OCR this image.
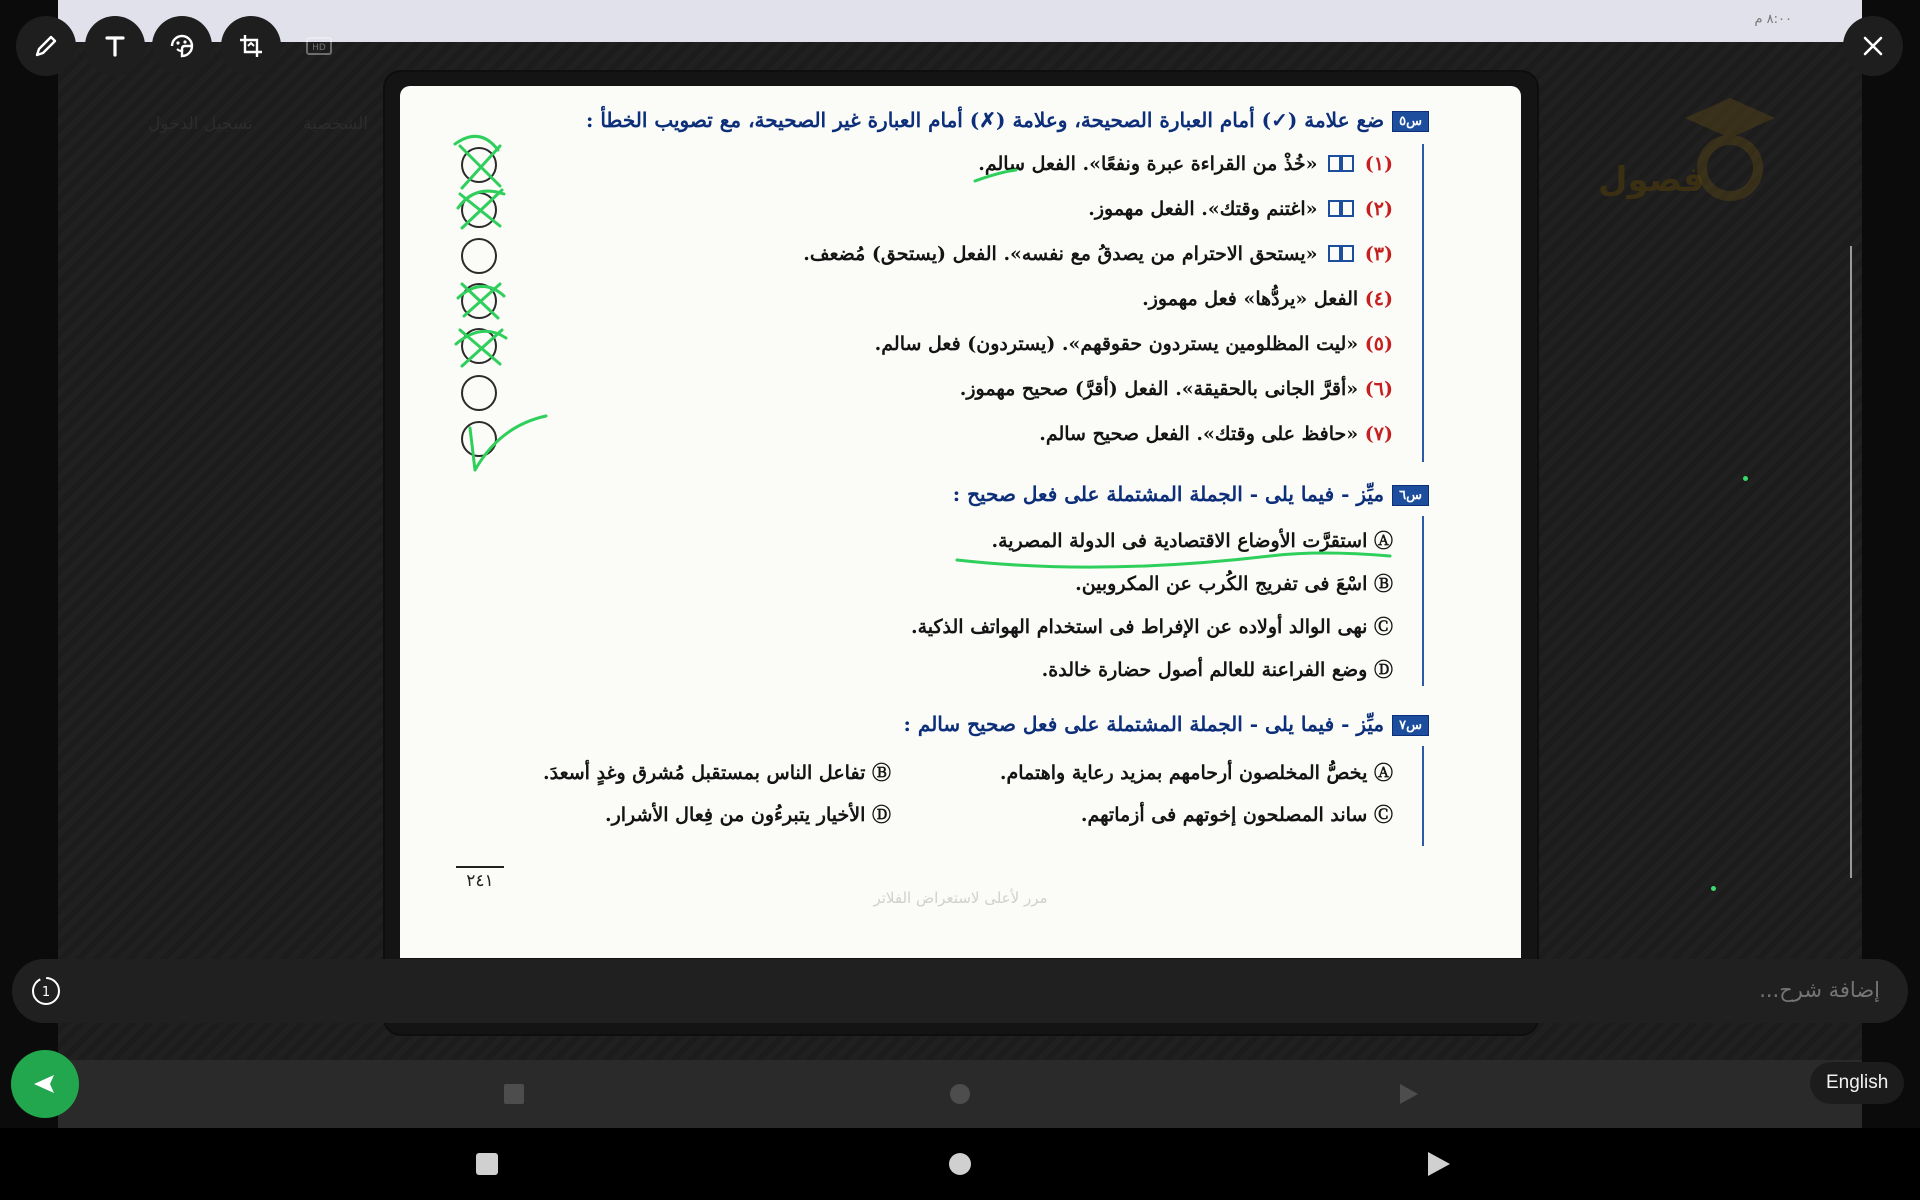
٨:٠٠ م
تسجيل الدخول	الشخصية
فصول
س٥ضع علامة (✓) أمام العبارة الصحيحة، وعلامة (✗) أمام العبارة غير الصحيحة، مع تصويب الخطأ :
(١)  «خُذْ من القراءة عبرة ونفعًا». الفعل سالم.
(٢)  «اغتنم وقتك». الفعل مهموز.
(٣)  «يستحق الاحترام من يصدقُ مع نفسه». الفعل (يستحق) مُضعف.
(٤) الفعل «يردُّها» فعل مهموز.
(٥) «ليت المظلومين يستردون حقوقهم». (يستردون) فعل سالم.
(٦) «أقرَّ الجانى بالحقيقة». الفعل (أقرَّ) صحيح مهموز.
(٧) «حافظ على وقتك». الفعل صحيح سالم.
س٦ميِّز - فيما يلى - الجملة المشتملة على فعل صحيح :
Ⓐ استقرَّت الأوضاع الاقتصادية فى الدولة المصرية.
Ⓑ اسْعَ فى تفريج الكُرب عن المكروبين.
Ⓒ نهى الوالد أولاده عن الإفراط فى استخدام الهواتف الذكية.
Ⓓ وضع الفراعنة للعالم أصول حضارة خالدة.
س٧ميِّز - فيما يلى - الجملة المشتملة على فعل صحيح سالم :
Ⓐ يخصُّ المخلصون أرحامهم بمزيد رعاية واهتمام.
Ⓑ تفاعل الناس بمستقبل مُشرق وغدٍ أسعدَ.
Ⓒ ساند المصلحون إخوتهم فى أزماتهم.
Ⓓ الأخيار يتبرءُون من فِعال الأشرار.
٢٤١
مرر لأعلى لاستعراض الفلاتر
HD
1
إضافة شرح...
English
